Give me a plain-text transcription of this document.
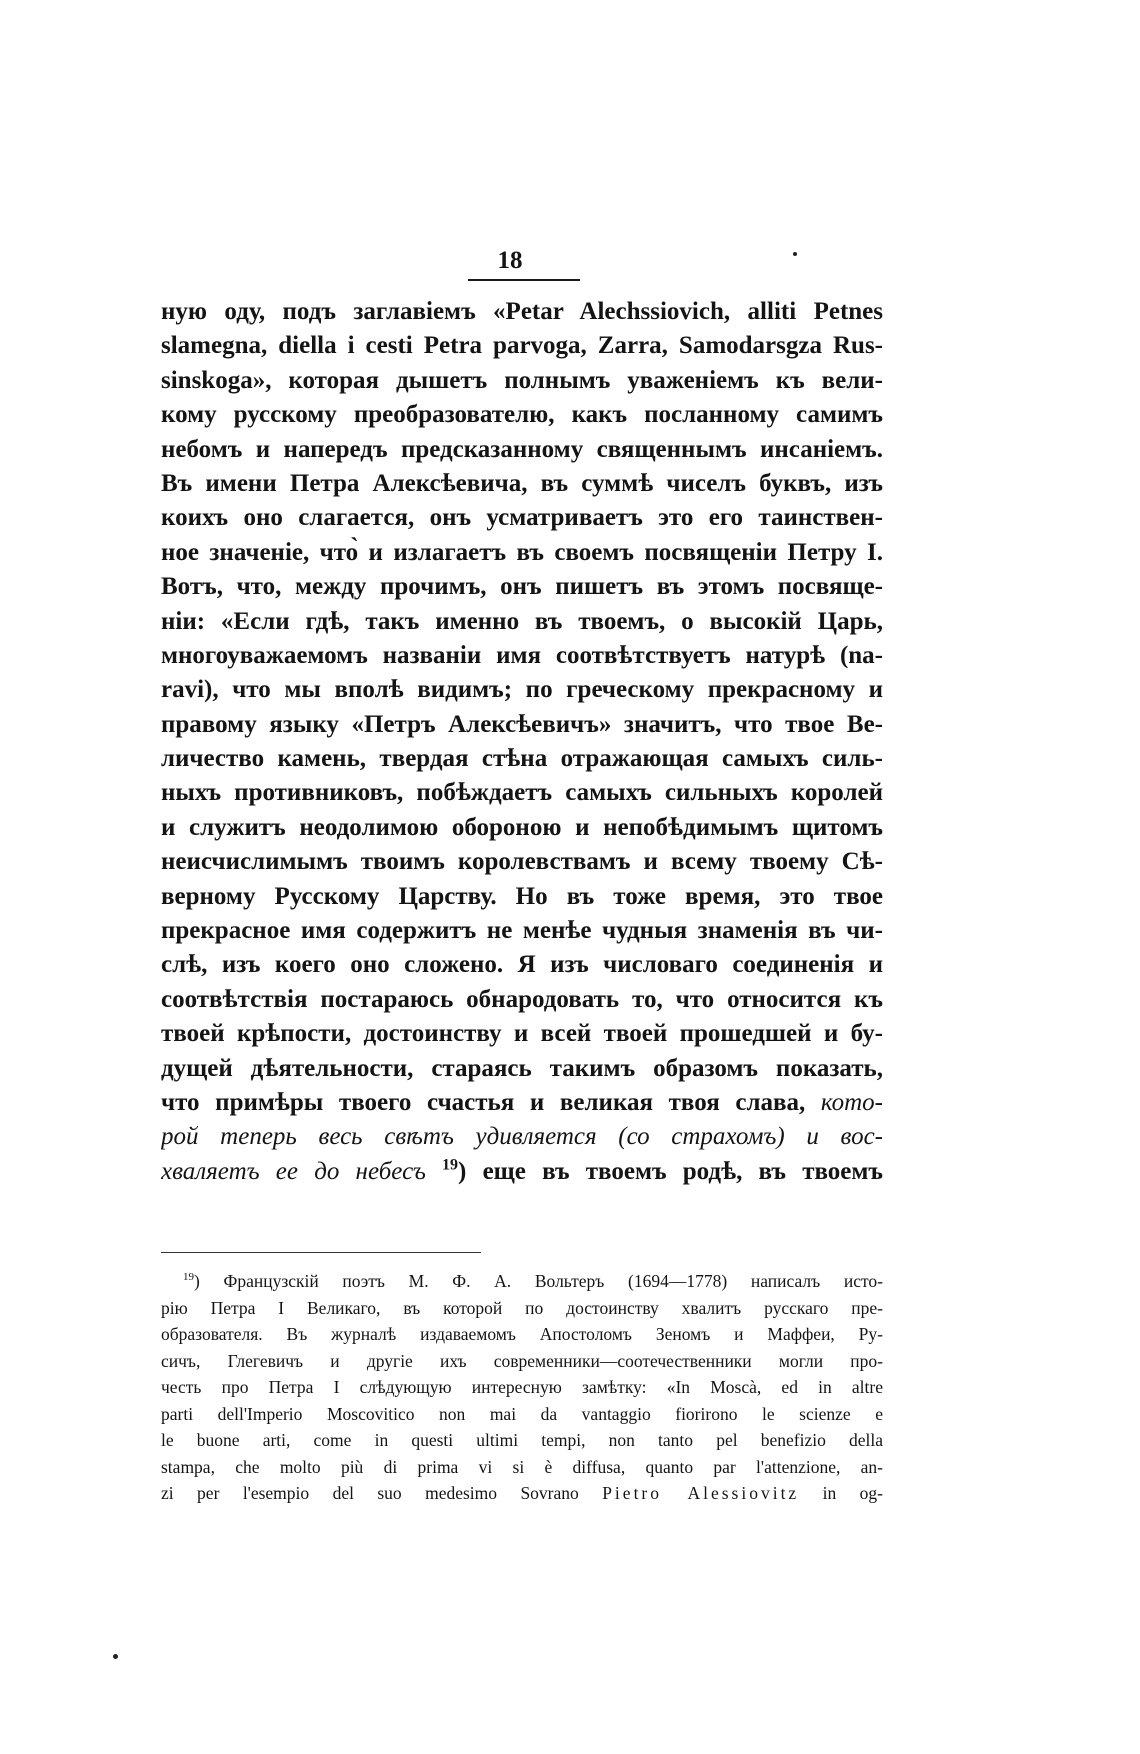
18
ную оду, подъ заглавіемъ «Petar Alechssiovich, alliti Petnes
slamegna, diella i cesti Petra parvoga, Zarra, Samodarsgza Rus-
sinskoga», которая дышетъ полнымъ уваженіемъ къ вели-
кому русскому преобразователю, какъ посланному самимъ
небомъ и напередъ предсказанному священнымъ инсаніемъ.
Въ имени Петра Алексѣевича, въ суммѣ чиселъ буквъ, изъ
коихъ оно слагается, онъ усматриваетъ это его таинствен-
ное значеніе, что̀ и излагаетъ въ своемъ посвященіи Петру I.
Вотъ, что, между прочимъ, онъ пишетъ въ этомъ посвяще-
ніи: «Если гдѣ, такъ именно въ твоемъ, о высокій Царь,
многоуважаемомъ названіи имя соотвѣтствуетъ натурѣ (na-
ravi), что мы вполѣ видимъ; по греческому прекрасному и
правому языку «Петръ Алексѣевичъ» значитъ, что твое Ве-
личество камень, твердая стѣна отражающая самыхъ силь-
ныхъ противниковъ, побѣждаетъ самыхъ сильныхъ королей
и служитъ неодолимою обороною и непобѣдимымъ щитомъ
неисчислимымъ твоимъ королевствамъ и всему твоему Сѣ-
верному Русскому Царству. Но въ тоже время, это твое
прекрасное имя содержитъ не менѣе чудныя знаменія въ чи-
слѣ, изъ коего оно сложено. Я изъ числоваго соединенія и
соотвѣтствія постараюсь обнародовать то, что относится къ
твоей крѣпости, достоинству и всей твоей прошедшей и бу-
дущей дѣятельности, стараясь такимъ образомъ показать,
что примѣры твоего счастья и великая твоя слава, кото-
рой теперь весь свѣтъ удивляется (со страхомъ) и вос-
хваляетъ ее до небесъ $^{19}$) еще въ твоемъ родѣ, въ твоемъ
$^{19}$) Французскій поэтъ М. Ф. А. Вольтеръ (1694—1778) написалъ исто-
рію Петра I Великаго, въ которой по достоинству хвалитъ русскаго пре-
образователя. Въ журналѣ издаваемомъ Апостоломъ Зеномъ и Маффеи, Ру-
сичъ, Глегевичъ и другіе ихъ современники—соотечественники могли про-
честь про Петра I слѣдующую интересную замѣтку: «In Moscà, ed in altre
parti dell'Imperio Moscovitico non mai da vantaggio fiorirono le scienze e
le buone arti, come in questi ultimi tempi, non tanto pel benefizio della
stampa, che molto più di prima vi si è diffusa, quanto par l'attenzione, an-
zi per l'esempio del suo medesimo Sovrano Pietro Alessiovitz in og-
